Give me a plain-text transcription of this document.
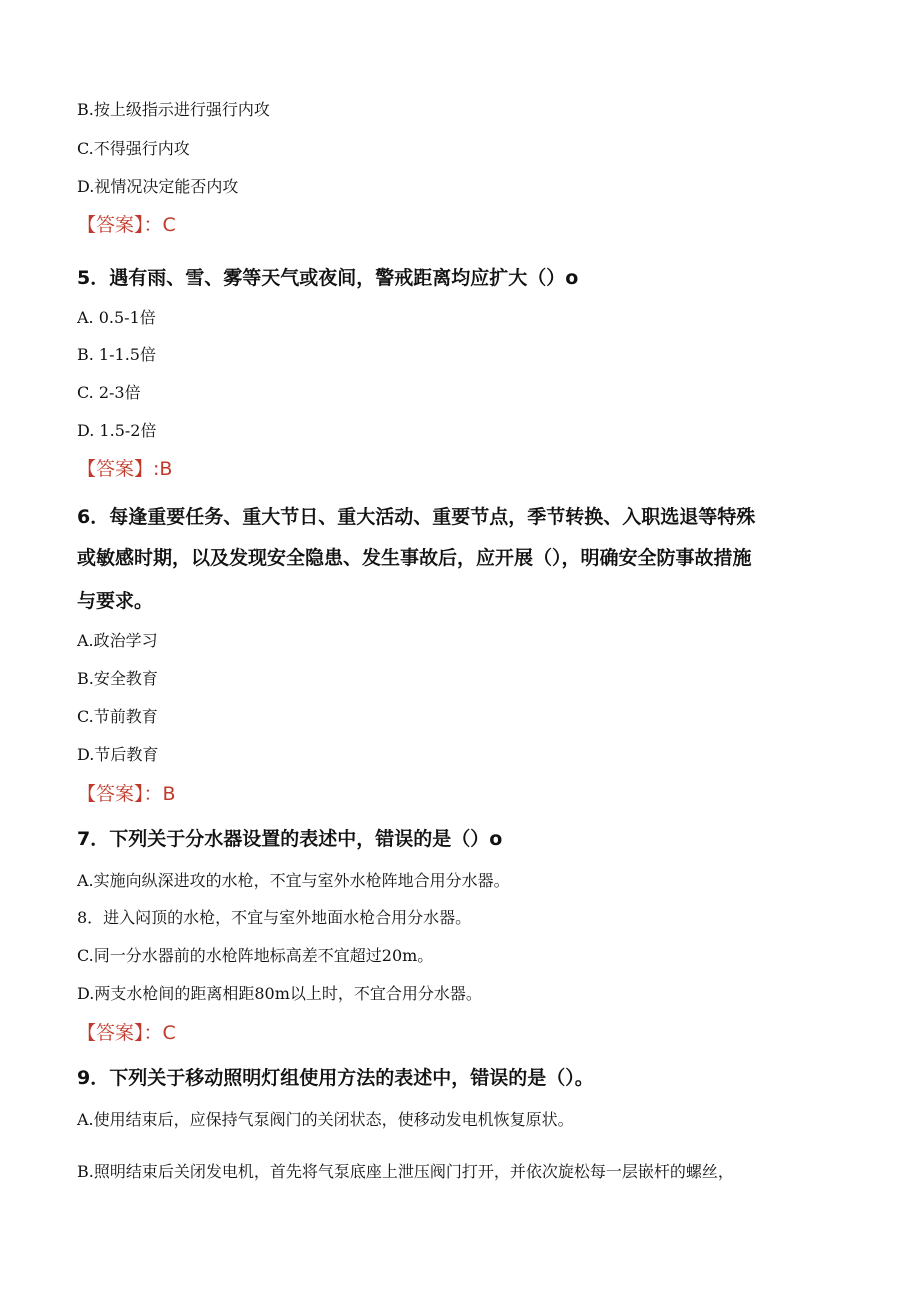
B.按上级指示进行强行内攻
C.不得强行内攻
D.视情况决定能否内攻
【答案】：C
5．遇有雨、雪、雾等天气或夜间，警戒距离均应扩大（）o
A. 0.5-1倍
B. 1-1.5倍
C. 2-3倍
D. 1.5-2倍
【答案】:B
6．每逢重要任务、重大节日、重大活动、重要节点，季节转换、入职选退等特殊
或敏感时期，以及发现安全隐患、发生事故后，应开展（），明确安全防事故措施
与要求。
A.政治学习
B.安全教育
C.节前教育
D.节后教育
【答案】：B
7．下列关于分水器设置的表述中，错误的是（）o
A.实施向纵深进攻的水枪，不宜与室外水枪阵地合用分水器。
8．进入闷顶的水枪，不宜与室外地面水枪合用分水器。
C.同一分水器前的水枪阵地标高差不宜超过20m。
D.两支水枪间的距离相距80m以上时，不宜合用分水器。
【答案】：C
9．下列关于移动照明灯组使用方法的表述中，错误的是（）。
A.使用结束后，应保持气泵阀门的关闭状态，使移动发电机恢复原状。
B.照明结束后关闭发电机，首先将气泵底座上泄压阀门打开，并依次旋松每一层嵌杆的螺丝，
